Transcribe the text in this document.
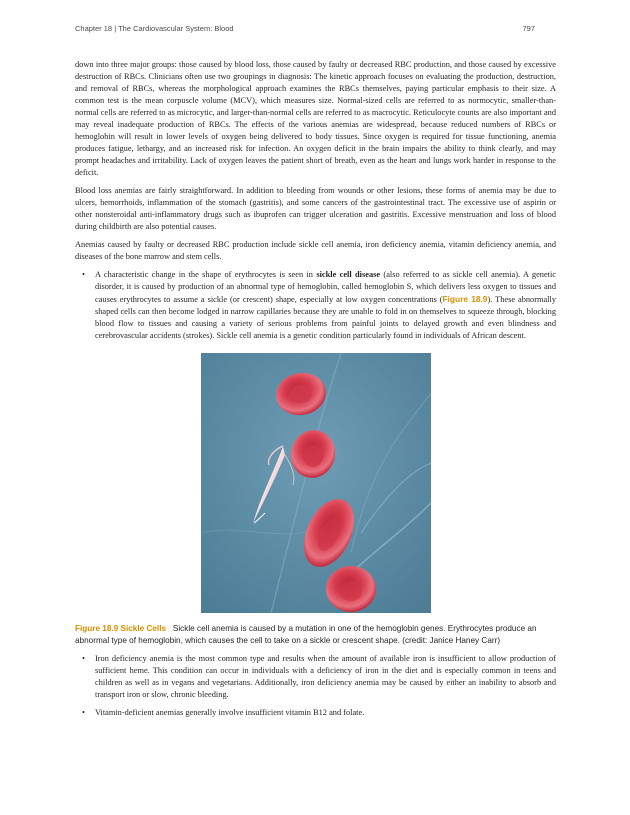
Chapter 18 | The Cardiovascular System: Blood	797

down into three major groups: those caused by blood loss, those caused by faulty or decreased RBC production, and those caused by excessive destruction of RBCs. Clinicians often use two groupings in diagnosis: The kinetic approach focuses on evaluating the production, destruction, and removal of RBCs, whereas the morphological approach examines the RBCs themselves, paying particular emphasis to their size. A common test is the mean corpuscle volume (MCV), which measures size. Normal-sized cells are referred to as normocytic, smaller-than-normal cells are referred to as microcytic, and larger-than-normal cells are referred to as macrocytic. Reticulocyte counts are also important and may reveal inadequate production of RBCs. The effects of the various anemias are widespread, because reduced numbers of RBCs or hemoglobin will result in lower levels of oxygen being delivered to body tissues. Since oxygen is required for tissue functioning, anemia produces fatigue, lethargy, and an increased risk for infection. An oxygen deficit in the brain impairs the ability to think clearly, and may prompt headaches and irritability. Lack of oxygen leaves the patient short of breath, even as the heart and lungs work harder in response to the deficit.

Blood loss anemias are fairly straightforward. In addition to bleeding from wounds or other lesions, these forms of anemia may be due to ulcers, hemorrhoids, inflammation of the stomach (gastritis), and some cancers of the gastrointestinal tract. The excessive use of aspirin or other nonsteroidal anti-inflammatory drugs such as ibuprofen can trigger ulceration and gastritis. Excessive menstruation and loss of blood during childbirth are also potential causes.

Anemias caused by faulty or decreased RBC production include sickle cell anemia, iron deficiency anemia, vitamin deficiency anemia, and diseases of the bone marrow and stem cells.

• A characteristic change in the shape of erythrocytes is seen in sickle cell disease (also referred to as sickle cell anemia). A genetic disorder, it is caused by production of an abnormal type of hemoglobin, called hemoglobin S, which delivers less oxygen to tissues and causes erythrocytes to assume a sickle (or crescent) shape, especially at low oxygen concentrations (Figure 18.9). These abnormally shaped cells can then become lodged in narrow capillaries because they are unable to fold in on themselves to squeeze through, blocking blood flow to tissues and causing a variety of serious problems from painful joints to delayed growth and even blindness and cerebrovascular accidents (strokes). Sickle cell anemia is a genetic condition particularly found in individuals of African descent.

Figure 18.9 Sickle Cells Sickle cell anemia is caused by a mutation in one of the hemoglobin genes. Erythrocytes produce an abnormal type of hemoglobin, which causes the cell to take on a sickle or crescent shape. (credit: Janice Haney Carr)

• Iron deficiency anemia is the most common type and results when the amount of available iron is insufficient to allow production of sufficient heme. This condition can occur in individuals with a deficiency of iron in the diet and is especially common in teens and children as well as in vegans and vegetarians. Additionally, iron deficiency anemia may be caused by either an inability to absorb and transport iron or slow, chronic bleeding.
• Vitamin-deficient anemias generally involve insufficient vitamin B12 and folate.
